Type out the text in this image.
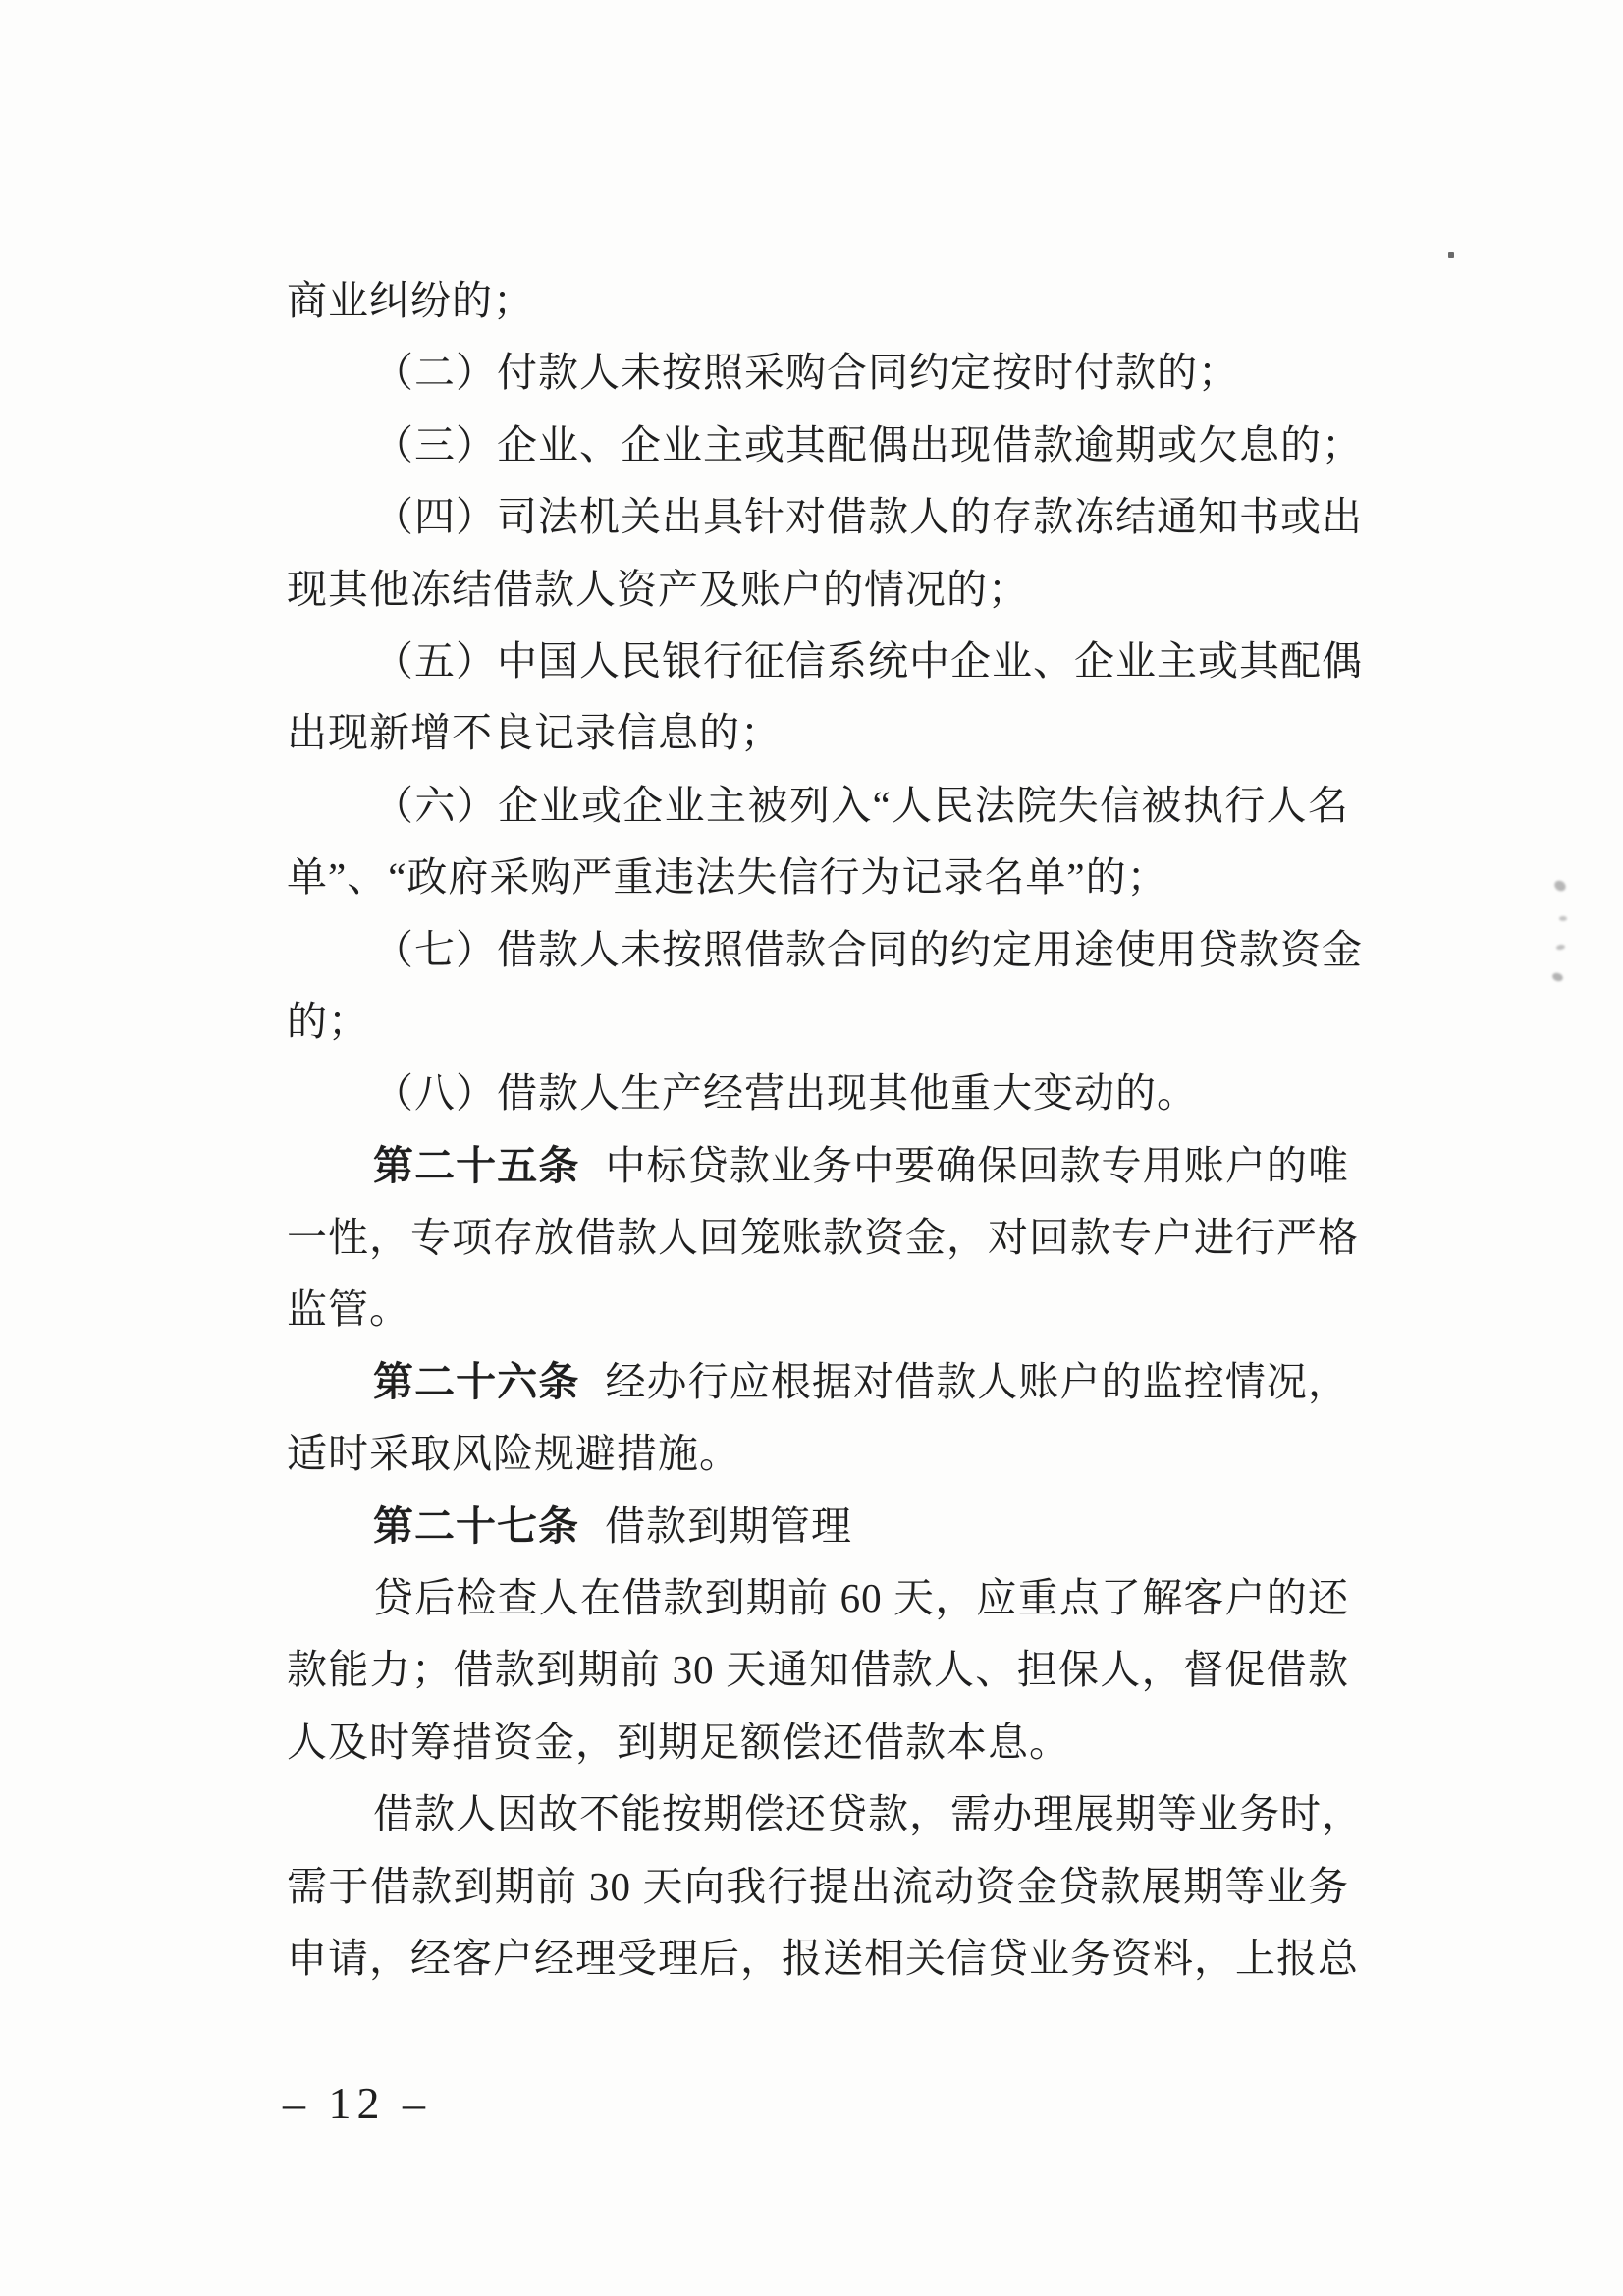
商业纠纷的；
（二）付款人未按照采购合同约定按时付款的；
（三）企业、企业主或其配偶出现借款逾期或欠息的；
（四）司法机关出具针对借款人的存款冻结通知书或出
现其他冻结借款人资产及账户的情况的；
（五）中国人民银行征信系统中企业、企业主或其配偶
出现新增不良记录信息的；
（六）企业或企业主被列入“人民法院失信被执行人名
单”、“政府采购严重违法失信行为记录名单”的；
（七）借款人未按照借款合同的约定用途使用贷款资金
的；
（八）借款人生产经营出现其他重大变动的。
第二十五条 中标贷款业务中要确保回款专用账户的唯
一性，专项存放借款人回笼账款资金，对回款专户进行严格
监管。
第二十六条 经办行应根据对借款人账户的监控情况，
适时采取风险规避措施。
第二十七条 借款到期管理
贷后检查人在借款到期前 60 天，应重点了解客户的还
款能力；借款到期前 30 天通知借款人、担保人，督促借款
人及时筹措资金，到期足额偿还借款本息。
借款人因故不能按期偿还贷款，需办理展期等业务时，
需于借款到期前 30 天向我行提出流动资金贷款展期等业务
申请，经客户经理受理后，报送相关信贷业务资料，上报总
– 12 –
